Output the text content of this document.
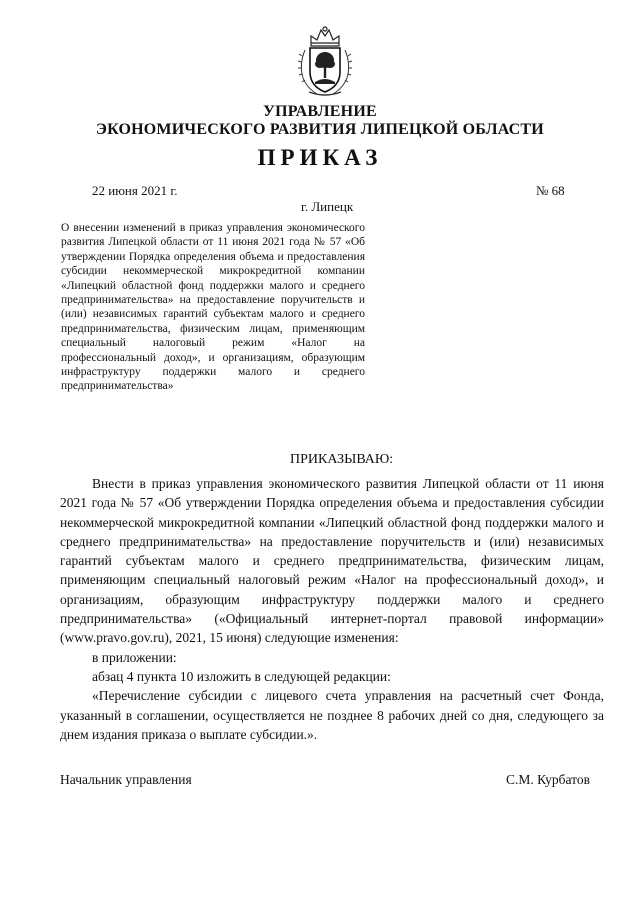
УПРАВЛЕНИЕ
ЭКОНОМИЧЕСКОГО РАЗВИТИЯ ЛИПЕЦКОЙ ОБЛАСТИ
ПРИКАЗ
22 июня 2021 г.	№ 68
г. Липецк
О внесении изменений в приказ управления экономического развития Липецкой области от 11 июня 2021 года № 57 «Об утверждении Порядка определения объема и предоставления субсидии некоммерческой микрокредитной компании «Липецкий областной фонд поддержки малого и среднего предпринимательства» на предоставление поручительств и (или) независимых гарантий субъектам малого и среднего предпринимательства, физическим лицам, применяющим специальный налоговый режим «Налог на профессиональный доход», и организациям, образующим инфраструктуру поддержки малого и среднего предпринимательства»
ПРИКАЗЫВАЮ:

Внести в приказ управления экономического развития Липецкой области от 11 июня 2021 года № 57 «Об утверждении Порядка определения объема и предоставления субсидии некоммерческой микрокредитной компании «Липецкий областной фонд поддержки малого и среднего предпринимательства» на предоставление поручительств и (или) независимых гарантий субъектам малого и среднего предпринимательства, физическим лицам, применяющим специальный налоговый режим «Налог на профессиональный доход», и организациям, образующим инфраструктуру поддержки малого и среднего предпринимательства» («Официальный интернет-портал правовой информации» (www.pravo.gov.ru), 2021, 15 июня) следующие изменения:

в приложении:

абзац 4 пункта 10 изложить в следующей редакции:

«Перечисление субсидии с лицевого счета управления на расчетный счет Фонда, указанный в соглашении, осуществляется не позднее 8 рабочих дней со дня, следующего за днем издания приказа о выплате субсидии.».

Начальник управления	С.М. Курбатов
